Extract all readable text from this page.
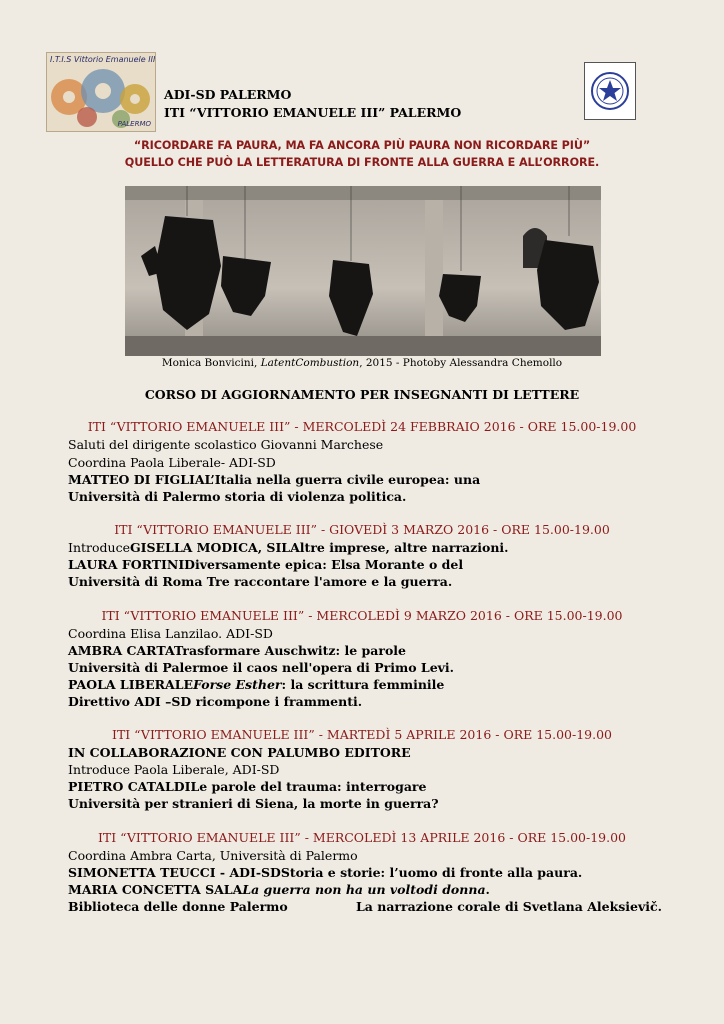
I.T.I.S Vittorio Emanuele III
PALERMO
ADI-SD PALERMO
ITI “VITTORIO EMANUELE III” PALERMO
“RICORDARE FA PAURA, MA FA ANCORA PIÙ PAURA NON RICORDARE PIÙ”
QUELLO CHE PUÒ LA LETTERATURA DI FRONTE ALLA GUERRA E ALL’ORRORE.
Monica Bonvicini, LatentCombustion, 2015 - Photoby Alessandra Chemollo
CORSO DI AGGIORNAMENTO PER INSEGNANTI DI LETTERE
ITI “VITTORIO EMANUELE III” - MERCOLEDÌ 24 FEBBRAIO 2016 - ORE 15.00-19.00
Saluti del dirigente scolastico Giovanni Marchese
Coordina Paola Liberale- ADI-SD
MATTEO DI FIGLIAL’Italia nella guerra civile europea: una
Università di Palermo storia di violenza politica.
ITI “VITTORIO EMANUELE III” - GIOVEDÌ 3 MARZO 2016 - ORE 15.00-19.00
IntroduceGISELLA MODICA, SILAltre imprese, altre narrazioni.
LAURA FORTINIDiversamente epica: Elsa Morante o del
Università di Roma Tre raccontare l'amore e la guerra.
ITI “VITTORIO EMANUELE III” - MERCOLEDÌ 9 MARZO 2016 - ORE 15.00-19.00
Coordina Elisa Lanzilao. ADI-SD
AMBRA CARTATrasformare Auschwitz: le parole
Università di Palermoe il caos nell'opera di Primo Levi.
PAOLA LIBERALEForse Esther: la scrittura femminile
Direttivo ADI –SD ricompone i frammenti.
ITI “VITTORIO EMANUELE III” - MARTEDÌ 5 APRILE 2016 - ORE 15.00-19.00
IN COLLABORAZIONE CON PALUMBO EDITORE
Introduce Paola Liberale, ADI-SD
PIETRO CATALDILe parole del trauma: interrogare
Università per stranieri di Siena, la morte in guerra?
ITI “VITTORIO EMANUELE III” - MERCOLEDÌ 13 APRILE 2016 - ORE 15.00-19.00
Coordina Ambra Carta, Università di Palermo
SIMONETTA TEUCCI - ADI-SDStoria e storie: l’uomo di fronte alla paura.
MARIA CONCETTA SALALa guerra non ha un voltodi donna.
Biblioteca delle donne Palermo	La narrazione corale di Svetlana Aleksievič.
